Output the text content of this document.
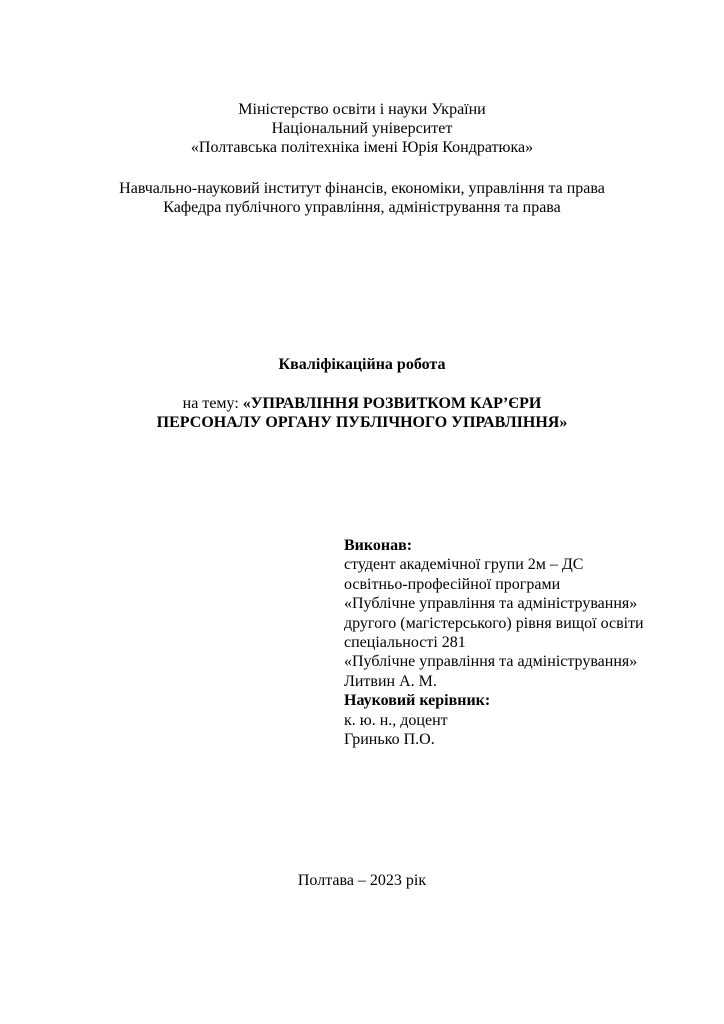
Міністерство освіти і науки України
Національний університет
«Полтавська політехніка імені Юрія Кондратюка»
Навчально-науковий інститут фінансів, економіки, управління та права
Кафедра публічного управління, адміністрування та права
Кваліфікаційна робота
на тему: «УПРАВЛІННЯ РОЗВИТКОМ КАР’ЄРИ
ПЕРСОНАЛУ ОРГАНУ ПУБЛІЧНОГО УПРАВЛІННЯ»
Виконав:
студент академічної групи 2м – ДС
освітньо-професійної програми
«Публічне управління та адміністрування»
другого (магістерського) рівня вищої освіти
спеціальності 281
«Публічне управління та адміністрування»
Литвин А. М.
Науковий керівник:
к. ю. н., доцент
Гринько П.О.
Полтава – 2023 рік
